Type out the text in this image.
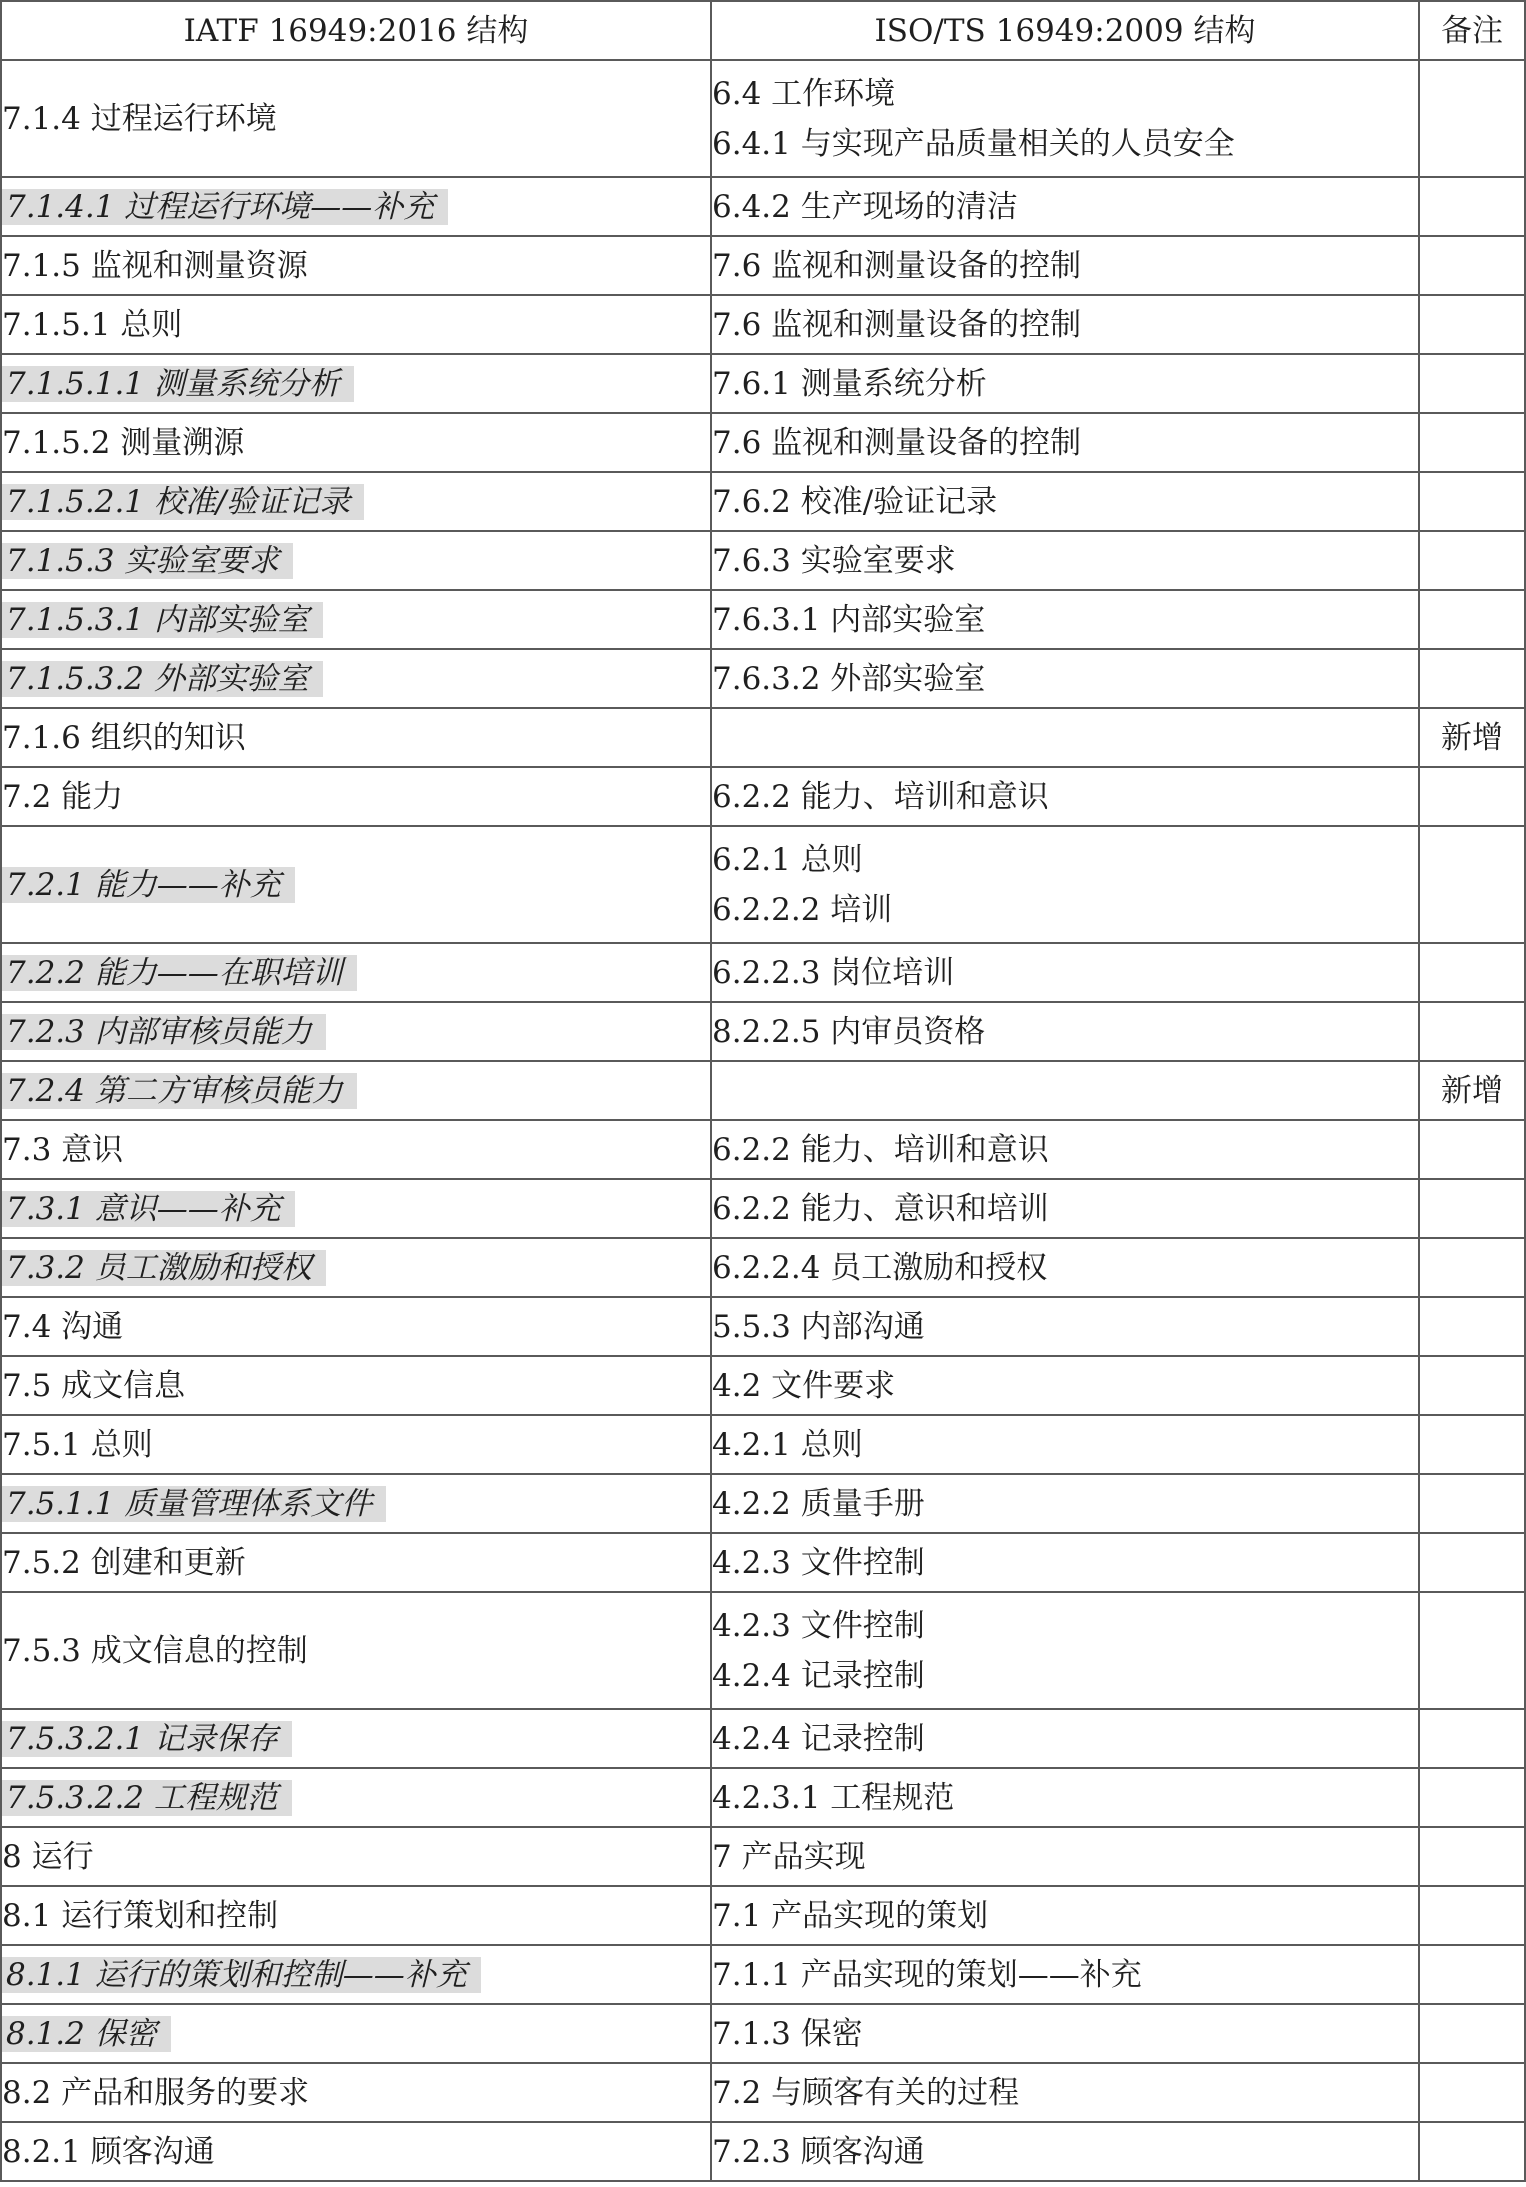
IATF 16949:2016 结构	ISO/TS 16949:2009 结构	备注
7.1.4 过程运行环境	6.4 工作环境
6.4.1 与实现产品质量相关的人员安全	

7.1.4.1 过程运行环境——补充	6.4.2 生产现场的清洁	

7.1.5 监视和测量资源	7.6 监视和测量设备的控制	

7.1.5.1 总则	7.6 监视和测量设备的控制	

7.1.5.1.1 测量系统分析	7.6.1 测量系统分析	

7.1.5.2 测量溯源	7.6 监视和测量设备的控制	

7.1.5.2.1 校准/验证记录	7.6.2 校准/验证记录	

7.1.5.3 实验室要求	7.6.3 实验室要求	

7.1.5.3.1 内部实验室	7.6.3.1 内部实验室	

7.1.5.3.2 外部实验室	7.6.3.2 外部实验室	

7.1.6 组织的知识		新增
7.2 能力	6.2.2 能力、培训和意识	

7.2.1 能力——补充	6.2.1 总则
6.2.2.2 培训	

7.2.2 能力——在职培训	6.2.2.3 岗位培训	

7.2.3 内部审核员能力	8.2.2.5 内审员资格	

7.2.4 第二方审核员能力		新增
7.3 意识	6.2.2 能力、培训和意识	

7.3.1 意识——补充	6.2.2 能力、意识和培训	

7.3.2 员工激励和授权	6.2.2.4 员工激励和授权	

7.4 沟通	5.5.3 内部沟通	

7.5 成文信息	4.2 文件要求	

7.5.1 总则	4.2.1 总则	

7.5.1.1 质量管理体系文件	4.2.2 质量手册	

7.5.2 创建和更新	4.2.3 文件控制	

7.5.3 成文信息的控制	4.2.3 文件控制
4.2.4 记录控制	

7.5.3.2.1 记录保存	4.2.4 记录控制	

7.5.3.2.2 工程规范	4.2.3.1 工程规范	

8 运行	7 产品实现	

8.1 运行策划和控制	7.1 产品实现的策划	

8.1.1 运行的策划和控制——补充	7.1.1 产品实现的策划——补充	

8.1.2 保密	7.1.3 保密	

8.2 产品和服务的要求	7.2 与顾客有关的过程	

8.2.1 顾客沟通	7.2.3 顾客沟通	
